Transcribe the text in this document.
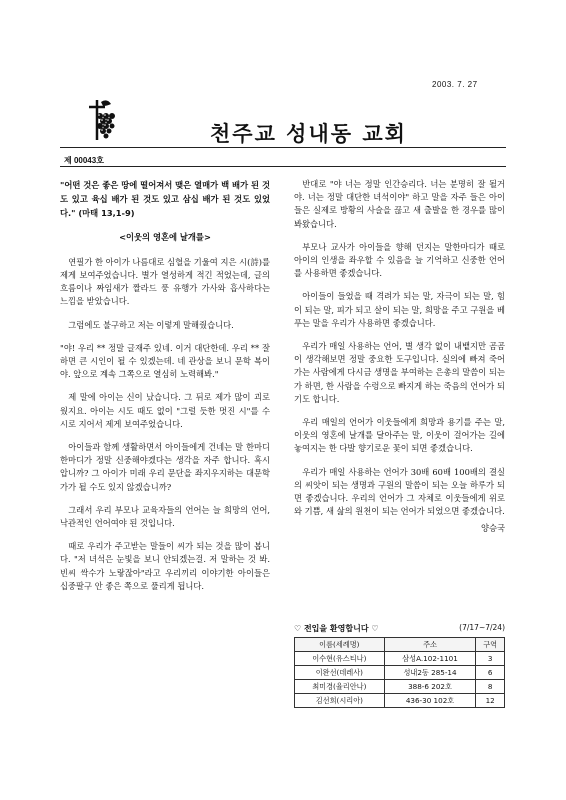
2003. 7. 27
천주교 성내동 교회
제 00043호

"어떤 것은 좋은 땅에 떨어져서 맺은 열매가 백 배가 된 것도 있고 육십 배가 된 것도 있고 삼십 배가 된 것도 있었다." (마태 13,1-9)

<이웃의 영혼에 날개를>

연필가 한 아이가 나름대로 심혈을 기울여 지은 시(詩)를 제게 보여주었습니다. 별가 열성하게 적긴 적었는데, 글의 흐름이나 짜임새가 짤라드 풍 유행가 가사와 흡사하다는 느낌을 받았습니다.

그럼에도 불구하고 저는 이렇게 말해줬습니다.

"야! 우리 ** 정말 글재주 있네. 이거 대단한데. 우리 ** 잘 하면 큰 시인이 될 수 있겠는데. 네 관상을 보니 문학 복이야. 앞으로 계속 그쪽으로 열심히 노력해봐."

제 말에 아이는 신이 났습니다. 그 뒤로 제가 많이 괴로웠지요. 아이는 시도 때도 없이 "그럴 듯한 멋진 시"를 수시로 지어서 제게 보여주었습니다.

아이들과 함께 생활하면서 아이들에게 건네는 말 한마디 한마디가 정말 신중해야겠다는 생각을 자주 합니다. 혹시 압니까? 그 아이가 미래 우리 문단을 좌지우지하는 대문학가가 될 수도 있지 않겠습니까?

그래서 우리 부모나 교육자들의 언어는 늘 희망의 언어, 낙관적인 언어여야 된 것입니다.

때로 우리가 주고받는 말들이 씨가 되는 것을 많이 봅니다. "저 녀석은 눈빛을 보니 안되겠는걸. 저 말하는 것 봐. 빈씨 싹수가 노랗잖아"라고 우리끼리 이야기한 아이들은 십중팔구 안 좋은 쪽으로 풀리게 됩니다.

반대로 "야 너는 정말 인간승리다. 너는 분명히 잘 될거야. 너는 정말 대단한 녀석이야" 하고 말을 자주 들은 아이들은 실제로 방황의 사슬을 끊고 새 출발을 한 경우를 많이 봐왔습니다.

부모나 교사가 아이들을 향해 던지는 말한마디가 때로 아이의 인생을 좌우할 수 있음을 늘 기억하고 신중한 언어를 사용하면 좋겠습니다.

아이들이 들었을 때 격려가 되는 말, 자극이 되는 말, 힘이 되는 말, 피가 되고 살이 되는 말, 희망을 주고 구원을 베푸는 말을 우리가 사용하면 좋겠습니다.

우리가 매일 사용하는 언어, 별 생각 없이 내뱉지만 곰곰이 생각해보면 정말 중요한 도구입니다. 실의에 빠져 죽어 가는 사람에게 다시금 생명을 부여하는 은총의 말씀이 되는가 하면, 한 사람을 수렁으로 빠지게 하는 죽음의 언어가 되기도 합니다.

우리 매일의 언어가 이웃들에게 희망과 용기를 주는 말, 이웃의 영혼에 날개를 달아주는 말, 이웃이 걸어가는 길에 놓여지는 한 다발 향기로운 꽃이 되면 좋겠습니다.

우리가 매일 사용하는 언어가 30배 60배 100배의 결실의 씨앗이 되는 생명과 구원의 말씀이 되는 오늘 하루가 되면 좋겠습니다. 우리의 언어가 그 자체로 이웃들에게 위로와 기쁨, 새 삶의 원천이 되는 언어가 되었으면 좋겠습니다.

양승국

♡ 전입을 환영합니다 ♡	(7/17~7/24)
이름(세례명)	주소	구역
이수현(유스티나)	삼성A.102-1101	3
이완선(데레사)	성내2동 285-14	6
최미경(율리안나)	388-6 202호	8
김선희(시리아)	436-30 102호	12
